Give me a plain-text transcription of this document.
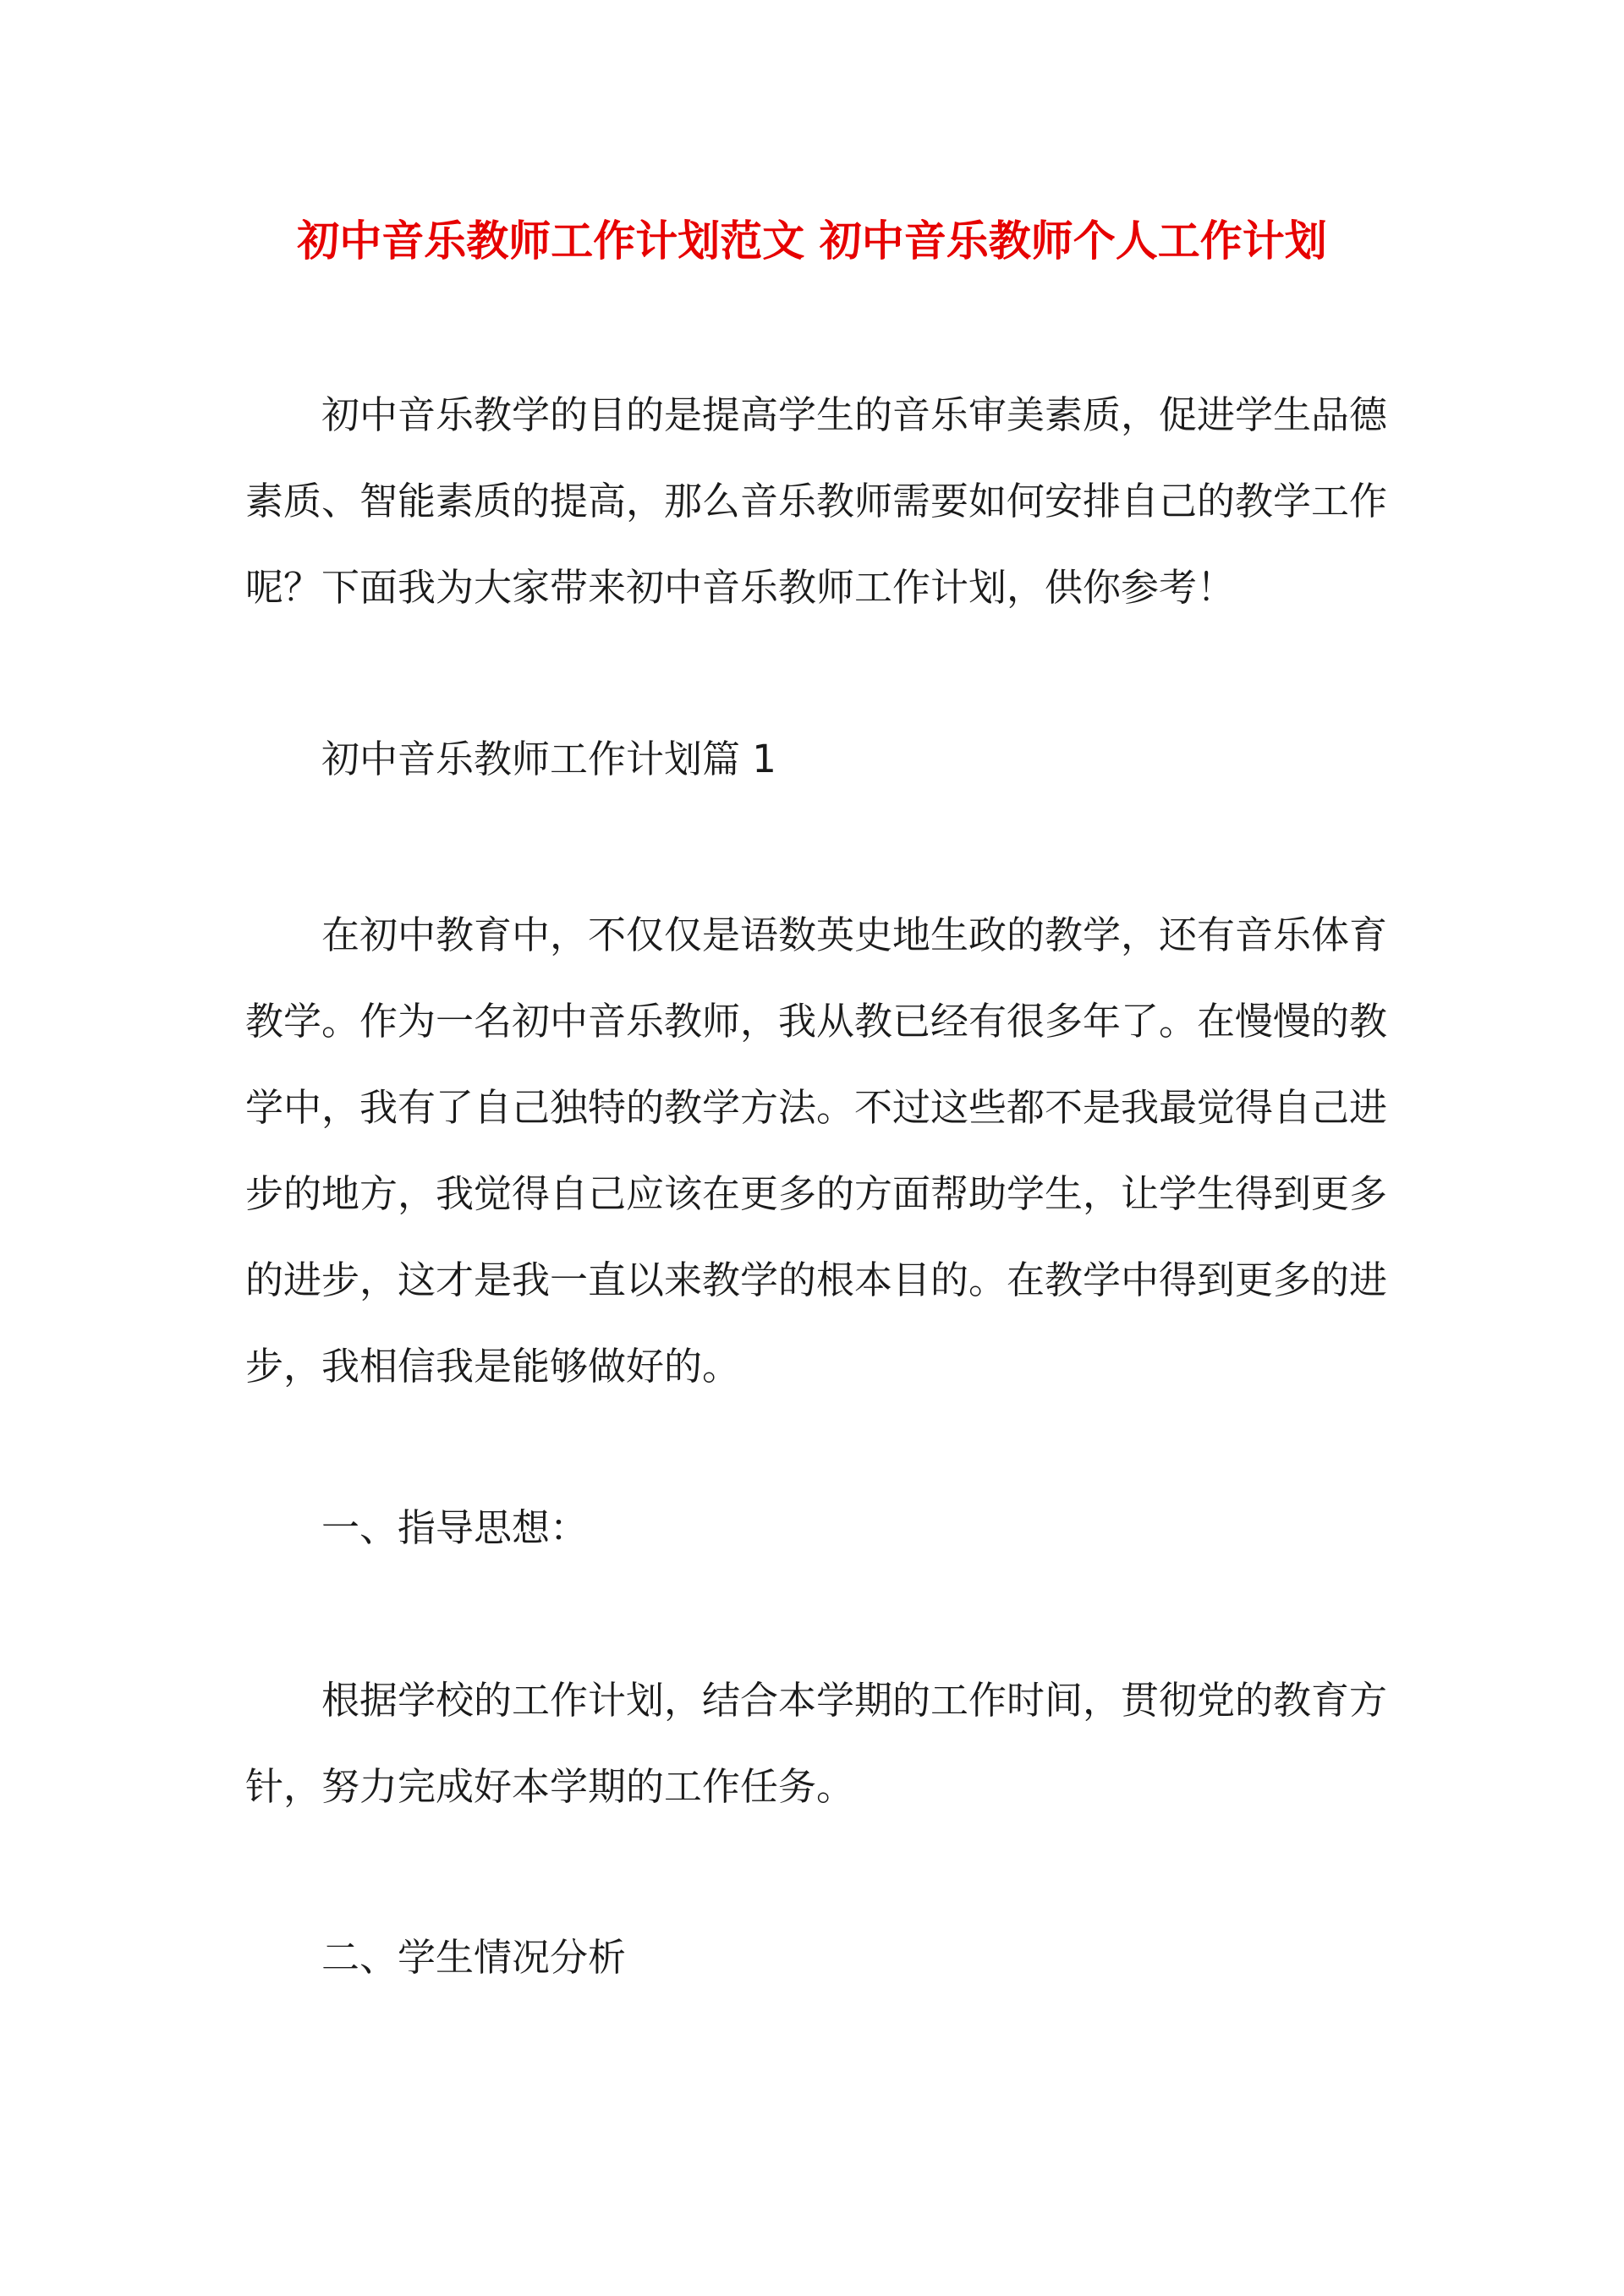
初中音乐教师工作计划范文 初中音乐教师个人工作计划

初中音乐教学的目的是提高学生的音乐审美素质，促进学生品德素质、智能素质的提高，那么音乐教师需要如何安排自己的教学工作呢？下面我为大家带来初中音乐教师工作计划，供你参考！

初中音乐教师工作计划篇 1

在初中教育中，不仅仅是语数英史地生政的教学，还有音乐体育教学。作为一名初中音乐教师，我从教已经有很多年了。在慢慢的教学中，我有了自己独特的教学方法。不过这些都不是我最觉得自己进步的地方，我觉得自己应该在更多的方面帮助学生，让学生得到更多的进步，这才是我一直以来教学的根本目的。在教学中得到更多的进步，我相信我是能够做好的。

一、指导思想：

根据学校的工作计划，结合本学期的工作时间，贯彻党的教育方针，努力完成好本学期的工作任务。

二、学生情况分析
